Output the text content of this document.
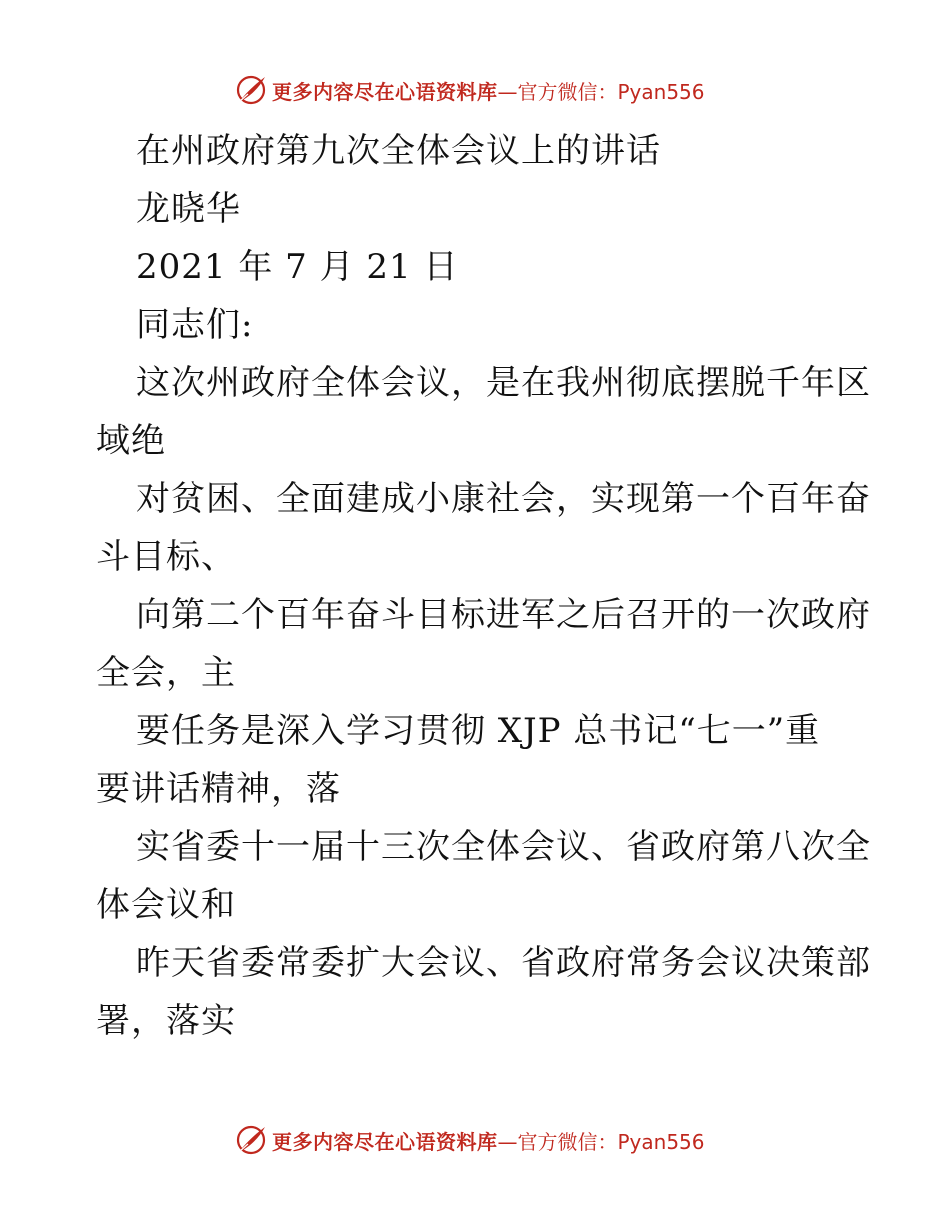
更多内容尽在心语资料库 —官方微信：Pyan556
在州政府第九次全体会议上的讲话
龙晓华
2021 年 7 月 21 日
同志们:
这次州政府全体会议，是在我州彻底摆脱千年区
域绝
对贫困、全面建成小康社会，实现第一个百年奋
斗目标、
向第二个百年奋斗目标进军之后召开的一次政府
全会，主
要任务是深入学习贯彻 XJP 总书记“七一”重
要讲话精神，落
实省委十一届十三次全体会议、省政府第八次全
体会议和
昨天省委常委扩大会议、省政府常务会议决策部
署，落实
更多内容尽在心语资料库 —官方微信：Pyan556
